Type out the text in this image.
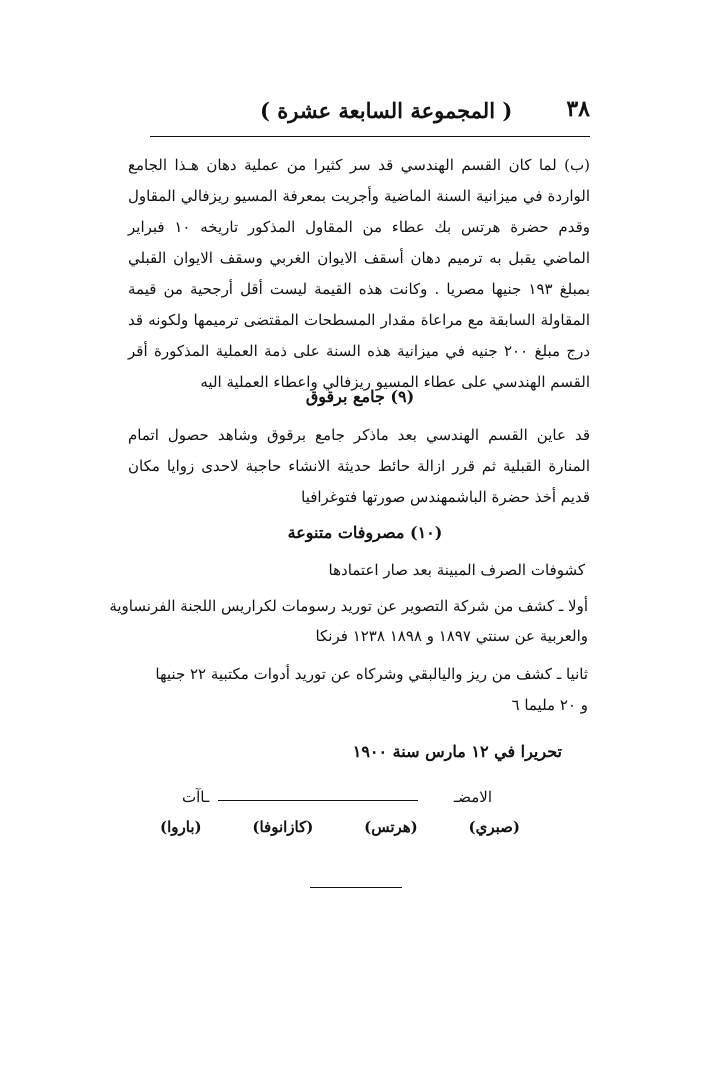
٣٨
( المجموعة السابعة عشرة )

(ب) لما كان القسم الهندسي قد سر كثيرا من عملية دهان هـذا الجامع الواردة في ميزانية السنة الماضية وأجريت بمعرفة المسيو ريزفالي المقاول وقدم حضرة هرتس بك عطاء من المقاول المذكور تاريخه ١٠ فبراير الماضي يقبل به ترميم دهان أسقف الايوان الغربي وسقف الايوان القبلي بمبلغ ١٩٣ جنيها مصريا . وكانت هذه القيمة ليست أقل أرجحية من قيمة المقاولة السابقة مع مراعاة مقدار المسطحات المقتضى ترميمها ولكونه قد درج مبلغ ٢٠٠ جنيه في ميزانية هذه السنة على ذمة العملية المذكورة أقر القسم الهندسي على عطاء المسيو ريزفالي واعطاء العملية اليه

(٩) جامع برقوق

قد عاين القسم الهندسي بعد ماذكر جامع برقوق وشاهد حصول اتمام المنارة القبلية ثم قرر ازالة حائط حديثة الانشاء حاجبة لاحدى زوايا مكان قديم أخذ حضرة الباشمهندس صورتها فتوغرافيا

(١٠) مصروفات متنوعة
كشوفات الصرف المبينة بعد صار اعتمادها
أولا ـ كشف من شركة التصوير عن توريد رسومات لكراريس اللجنة الفرنساوية
والعربية عن سنتي ١٨٩٧ و ١٨٩٨ ١٢٣٨ فرنكا
ثانيا ـ كشف من ريز واليالبقي وشركاه عن توريد أدوات مكتبية ٢٢ جنيها
و ٢٠ مليما ٦
تحريرا في ١٢ مارس سنة ١٩٠٠
الامضـ
ـاآت
(صبري)
(هرتس)
(كازانوفا)
(باروا)
